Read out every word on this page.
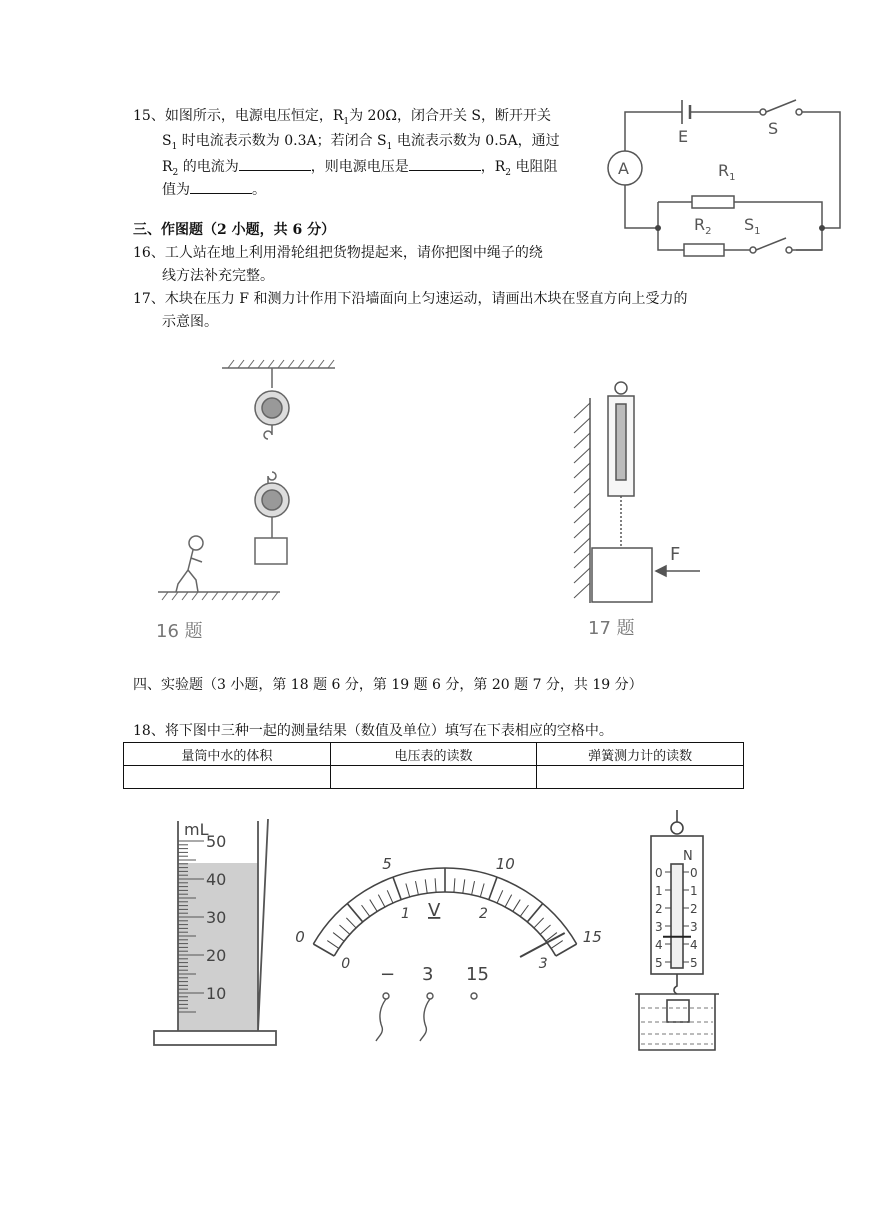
15、如图所示，电源电压恒定，$R_1$为 20Ω，闭合开关 S，断开开关
$S_1$ 时电流表示数为 0.3A；若闭合 $S_1$ 电流表示数为 0.5A，通过
$R_2$ 的电流为	，则电源电压是	，$R_2$ 电阻阻
值为	。
E	S
A	$R_1$
$R_2$ $S_1$
三、作图题（2 小题，共 6 分）
16、工人站在地上利用滑轮组把货物提起来，请你把图中绳子的绕
线方法补充完整。
17、木块在压力 F 和测力计作用下沿墙面向上匀速运动，请画出木块在竖直方向上受力的
示意图。
16 题
F
17 题
四、实验题（3 小题，第 18 题 6 分，第 19 题 6 分，第 20 题 7 分，共 19 分）
18、将下图中三种一起的测量结果（数值及单位）填写在下表相应的空格中。
量筒中水的体积	电压表的读数	弹簧测力计的读数

mL
50
40
30
20
10
0
5	10
15
0
1	2
3
V
− 3 15
N
0 0
1 1
2 2
3 3
4 4
5 5
